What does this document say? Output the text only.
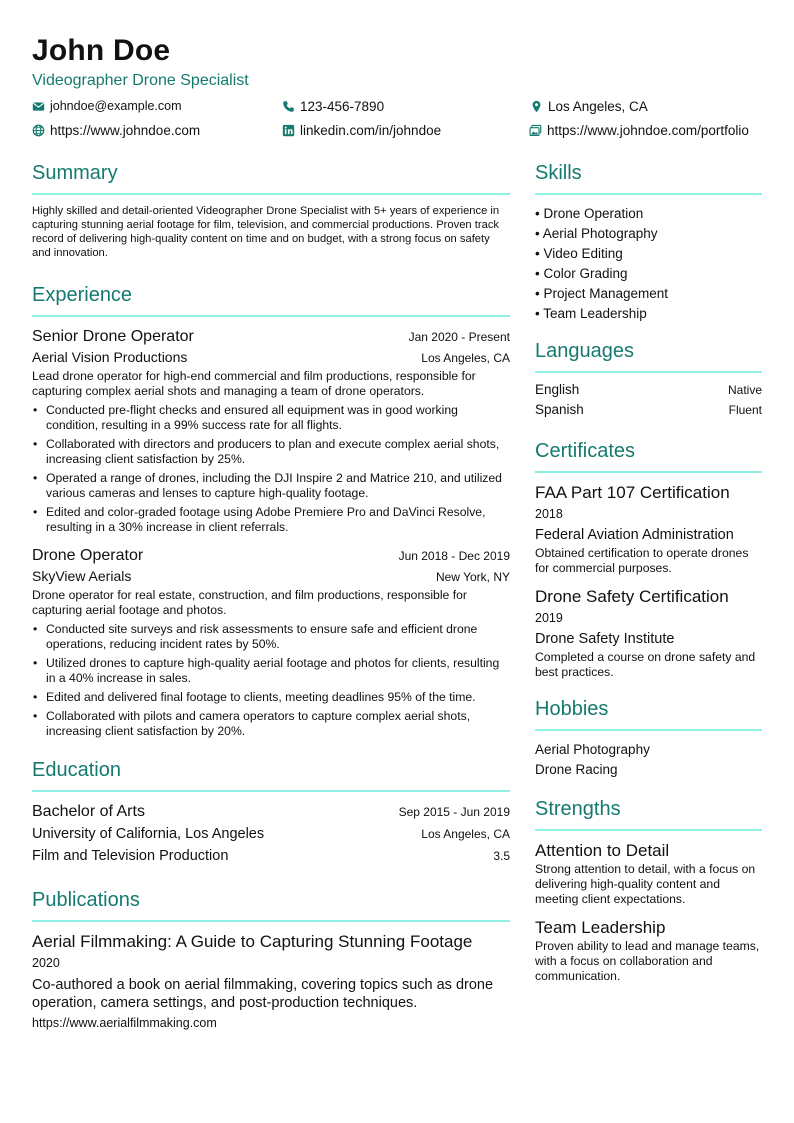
John Doe
Videographer Drone Specialist
johndoe@example.com	123-456-7890	Los Angeles, CA
https://www.johndoe.com	linkedin.com/in/johndoe	https://www.johndoe.com/portfolio
Summary
Highly skilled and detail-oriented Videographer Drone Specialist with 5+ years of experience in capturing stunning aerial footage for film, television, and commercial productions. Proven track record of delivering high-quality content on time and on budget, with a strong focus on safety and innovation.
Experience
Senior Drone Operator	Jan 2020 - Present
Aerial Vision Productions	Los Angeles, CA
Lead drone operator for high-end commercial and film productions, responsible for capturing complex aerial shots and managing a team of drone operators.
• Conducted pre-flight checks and ensured all equipment was in good working condition, resulting in a 99% success rate for all flights.
• Collaborated with directors and producers to plan and execute complex aerial shots, increasing client satisfaction by 25%.
• Operated a range of drones, including the DJI Inspire 2 and Matrice 210, and utilized various cameras and lenses to capture high-quality footage.
• Edited and color-graded footage using Adobe Premiere Pro and DaVinci Resolve, resulting in a 30% increase in client referrals.
Drone Operator	Jun 2018 - Dec 2019
SkyView Aerials	New York, NY
Drone operator for real estate, construction, and film productions, responsible for capturing aerial footage and photos.
• Conducted site surveys and risk assessments to ensure safe and efficient drone operations, reducing incident rates by 50%.
• Utilized drones to capture high-quality aerial footage and photos for clients, resulting in a 40% increase in sales.
• Edited and delivered final footage to clients, meeting deadlines 95% of the time.
• Collaborated with pilots and camera operators to capture complex aerial shots, increasing client satisfaction by 20%.
Education
Bachelor of Arts	Sep 2015 - Jun 2019
University of California, Los Angeles	Los Angeles, CA
Film and Television Production	3.5
Publications
Aerial Filmmaking: A Guide to Capturing Stunning Footage
2020
Co-authored a book on aerial filmmaking, covering topics such as drone operation, camera settings, and post-production techniques.
https://www.aerialfilmmaking.com
Skills
• Drone Operation
• Aerial Photography
• Video Editing
• Color Grading
• Project Management
• Team Leadership
Languages
English	Native
Spanish	Fluent
Certificates
FAA Part 107 Certification
2018
Federal Aviation Administration
Obtained certification to operate drones for commercial purposes.
Drone Safety Certification
2019
Drone Safety Institute
Completed a course on drone safety and best practices.
Hobbies
Aerial Photography
Drone Racing
Strengths
Attention to Detail
Strong attention to detail, with a focus on delivering high-quality content and meeting client expectations.
Team Leadership
Proven ability to lead and manage teams, with a focus on collaboration and communication.
